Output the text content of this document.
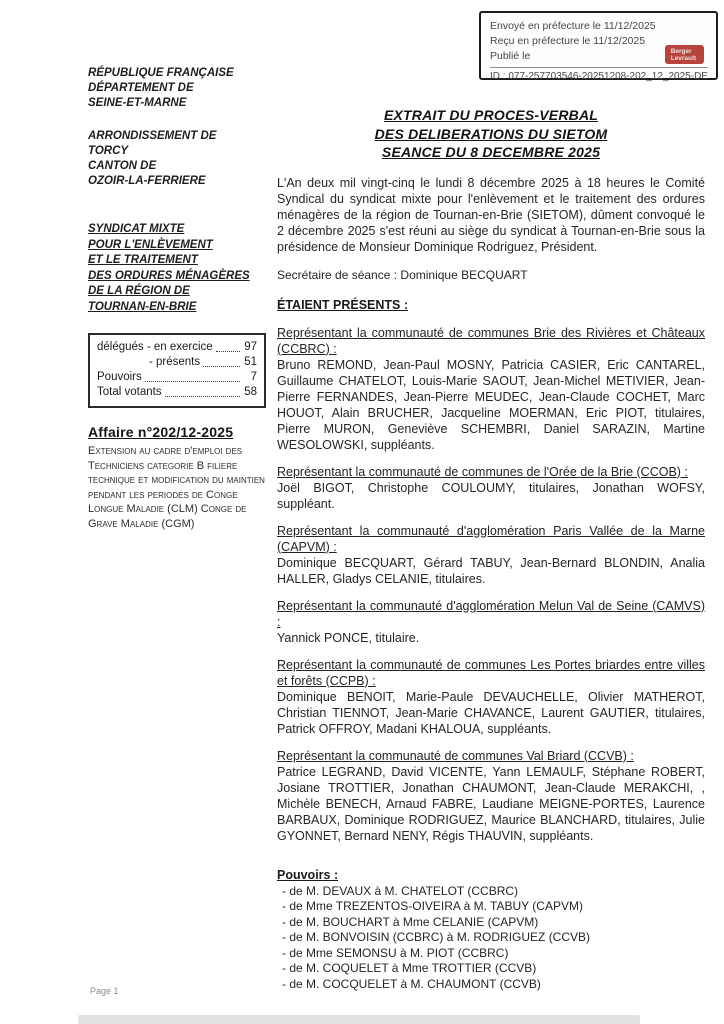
Envoyé en préfecture le 11/12/2025
Reçu en préfecture le 11/12/2025
Publié le
ID : 077-257703546-20251208-202_12_2025-DE
Berger
Levrault
RÉPUBLIQUE FRANÇAISE
DÉPARTEMENT DE
SEINE-ET-MARNE
ARRONDISSEMENT DE
TORCY
CANTON DE
OZOIR-LA-FERRIERE
SYNDICAT MIXTE
POUR L'ENLÈVEMENT
ET LE TRAITEMENT
DES ORDURES MÉNAGÈRES
DE LA RÉGION DE
TOURNAN-EN-BRIE
délégués - en exercice	97
- présents	51
Pouvoirs	7
Total votants	58
Affaire n°202/12-2025
Extension au cadre d'emploi des Techniciens categorie B filiere technique et modification du maintien pendant les periodes de Conge Longue Maladie (CLM) Conge de Grave Maladie (CGM)
EXTRAIT DU PROCES-VERBAL
DES DELIBERATIONS DU SIETOM
SEANCE DU 8 DECEMBRE 2025
L'An deux mil vingt-cinq le lundi 8 décembre 2025 à 18 heures le Comité Syndical du syndicat mixte pour l'enlèvement et le traitement des ordures ménagères de la région de Tournan-en-Brie (SIETOM), dûment convoqué le 2 décembre 2025 s'est réuni au siège du syndicat à Tournan-en-Brie sous la présidence de Monsieur Dominique Rodriguez, Président.
Secrétaire de séance : Dominique BECQUART
ÉTAIENT PRÉSENTS :
Représentant la communauté de communes Brie des Rivières et Châteaux (CCBRC) :
Bruno REMOND, Jean-Paul MOSNY, Patricia CASIER, Eric CANTAREL, Guillaume CHATELOT, Louis-Marie SAOUT, Jean-Michel METIVIER, Jean-Pierre FERNANDES, Jean-Pierre MEUDEC, Jean-Claude COCHET, Marc HOUOT, Alain BRUCHER, Jacqueline MOERMAN, Eric PIOT, titulaires, Pierre MURON, Geneviève SCHEMBRI, Daniel SARAZIN, Martine WESOLOWSKI, suppléants.
Représentant la communauté de communes de l'Orée de la Brie (CCOB) :
Joël BIGOT, Christophe COULOUMY, titulaires, Jonathan WOFSY, suppléant.
Représentant la communauté d'agglomération Paris Vallée de la Marne (CAPVM) :
Dominique BECQUART, Gérard TABUY, Jean-Bernard BLONDIN, Analia HALLER, Gladys CELANIE, titulaires.
Représentant la communauté d'agglomération Melun Val de Seine (CAMVS) :
Yannick PONCE, titulaire.
Représentant la communauté de communes Les Portes briardes entre villes et forêts (CCPB) :
Dominique BENOIT, Marie-Paule DEVAUCHELLE, Olivier MATHEROT, Christian TIENNOT, Jean-Marie CHAVANCE, Laurent GAUTIER, titulaires, Patrick OFFROY, Madani KHALOUA, suppléants.
Représentant la communauté de communes Val Briard (CCVB) :
Patrice LEGRAND, David VICENTE, Yann LEMAULF, Stéphane ROBERT, Josiane TROTTIER, Jonathan CHAUMONT, Jean-Claude MERAKCHI, , Michèle BENECH, Arnaud FABRE, Laudiane MEIGNE-PORTES, Laurence BARBAUX, Dominique RODRIGUEZ, Maurice BLANCHARD, titulaires, Julie GYONNET, Bernard NENY, Régis THAUVIN, suppléants.
Pouvoirs :
- de M. DEVAUX à M. CHATELOT (CCBRC)
- de Mme TREZENTOS-OIVEIRA à M. TABUY (CAPVM)
- de M. BOUCHART à Mme CELANIE (CAPVM)
- de M. BONVOISIN (CCBRC) à M. RODRIGUEZ (CCVB)
- de Mme SEMONSU à M. PIOT (CCBRC)
- de M. COQUELET à Mme TROTTIER (CCVB)
- de M. COCQUELET à M. CHAUMONT (CCVB)
Page 1
